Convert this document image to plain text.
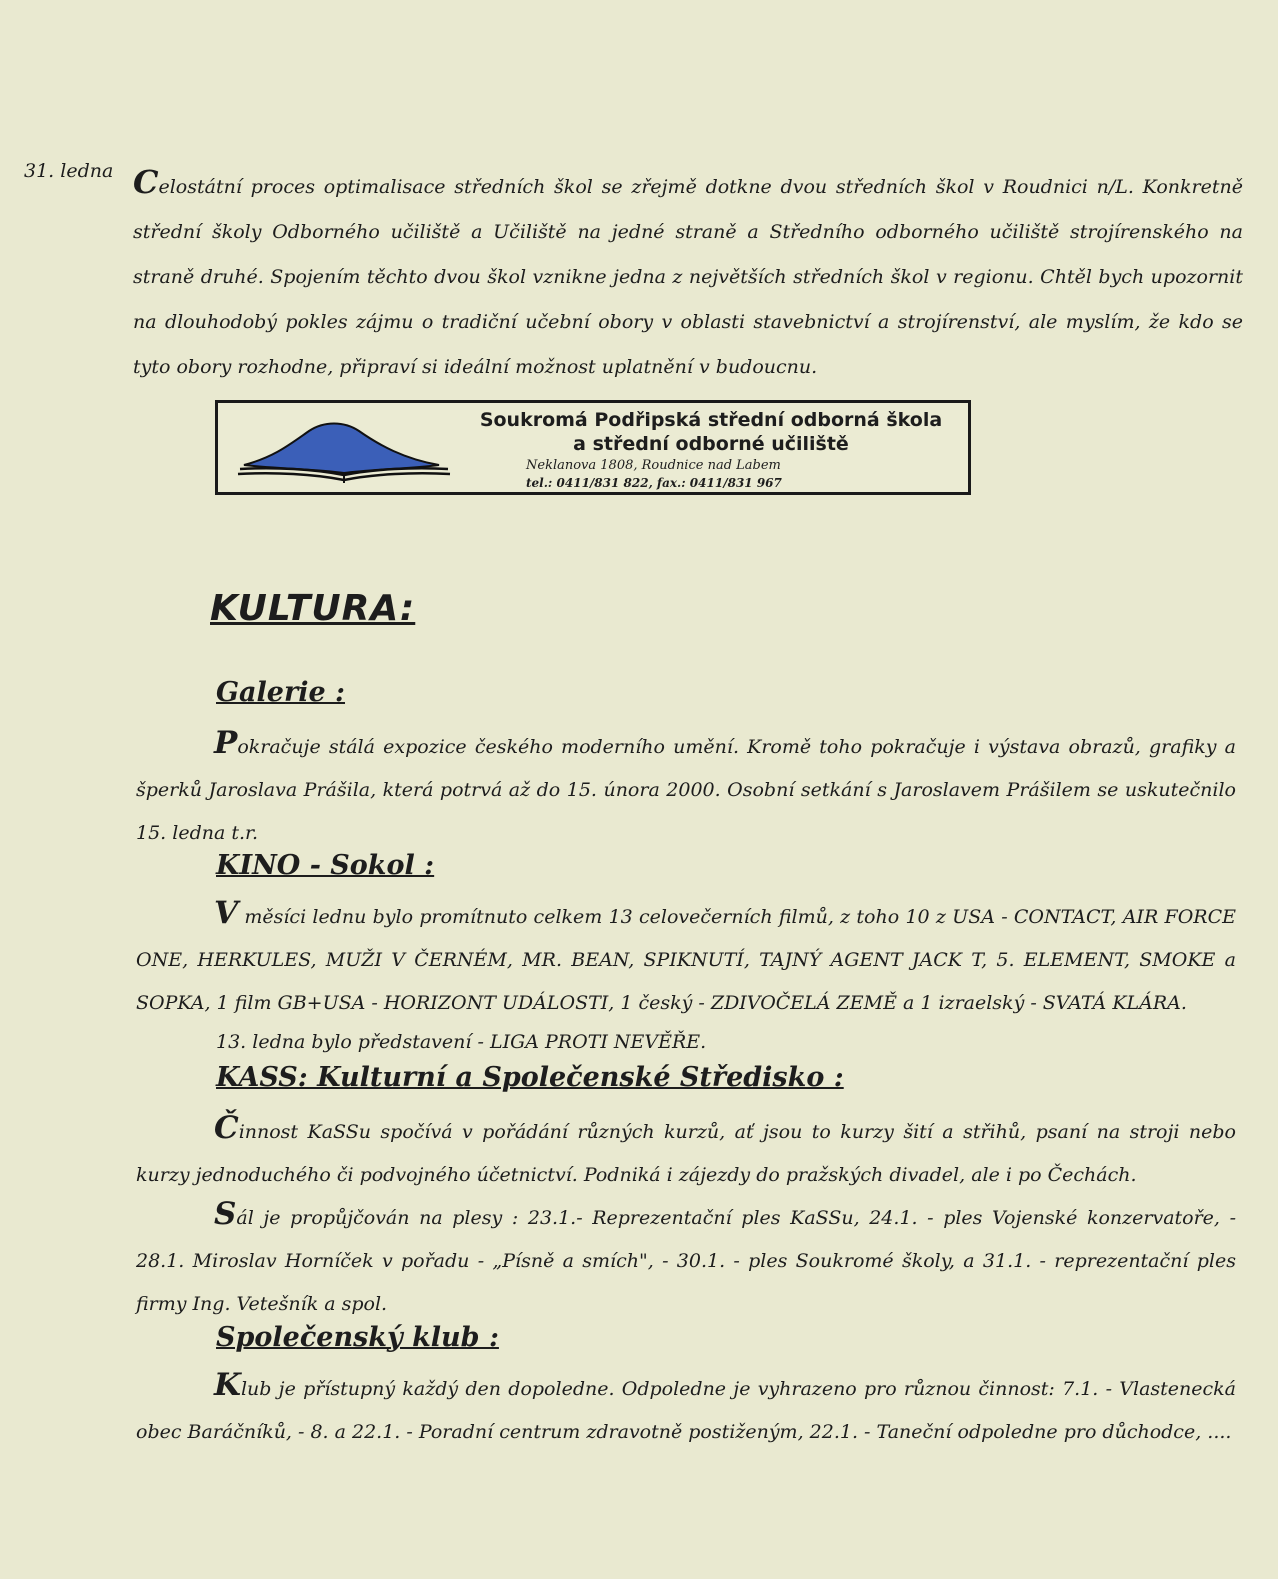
31. ledna Celostátní proces optimalisace středních škol se zřejmě dotkne dvou středních škol v Roudnici n/L. Konkretně střední školy Odborného učiliště a Učiliště na jedné straně a Středního odborného učiliště strojírenského na straně druhé. Spojením těchto dvou škol vznikne jedna z největších středních škol v regionu. Chtěl bych upozornit na dlouhodobý pokles zájmu o tradiční učební obory v oblasti stavebnictví a strojírenství, ale myslím, že kdo se tyto obory rozhodne, připraví si ideální možnost uplatnění v budoucnu.
Soukromá Podřipská střední odborná škola
a střední odborné učiliště
Neklanova 1808, Roudnice nad Labem
tel.: 0411/831 822, fax.: 0411/831 967
KULTURA:
Galerie :
Pokračuje stálá expozice českého moderního umění. Kromě toho pokračuje i výstava obrazů, grafiky a šperků Jaroslava Prášila, která potrvá až do 15. února 2000. Osobní setkání s Jaroslavem Prášilem se uskutečnilo 15. ledna t.r.
KINO - Sokol :
V měsíci lednu bylo promítnuto celkem 13 celovečerních filmů, z toho 10 z USA - CONTACT, AIR FORCE ONE, HERKULES, MUŽI V ČERNÉM, MR. BEAN, SPIKNUTÍ, TAJNÝ AGENT JACK T, 5. ELEMENT, SMOKE a SOPKA, 1 film GB+USA - HORIZONT UDÁLOSTI, 1 český - ZDIVOČELÁ ZEMĚ a 1 izraelský - SVATÁ KLÁRA.
13. ledna bylo představení - LIGA PROTI NEVĚŘE.
KASS: Kulturní a Společenské Středisko :
Činnost KaSSu spočívá v pořádání různých kurzů, ať jsou to kurzy šití a střihů, psaní na stroji nebo kurzy jednoduchého či podvojného účetnictví. Podniká i zájezdy do pražských divadel, ale i po Čechách.
Sál je propůjčován na plesy : 23.1.- Reprezentační ples KaSSu, 24.1. - ples Vojenské konzervatoře, - 28.1. Miroslav Horníček v pořadu - „Písně a smích", - 30.1. - ples Soukromé školy, a 31.1. - reprezentační ples firmy Ing. Vetešník a spol.
Společenský klub :
Klub je přístupný každý den dopoledne. Odpoledne je vyhrazeno pro různou činnost: 7.1. - Vlastenecká obec Baráčníků, - 8. a 22.1. - Poradní centrum zdravotně postiženým, 22.1. - Taneční odpoledne pro důchodce, ....
